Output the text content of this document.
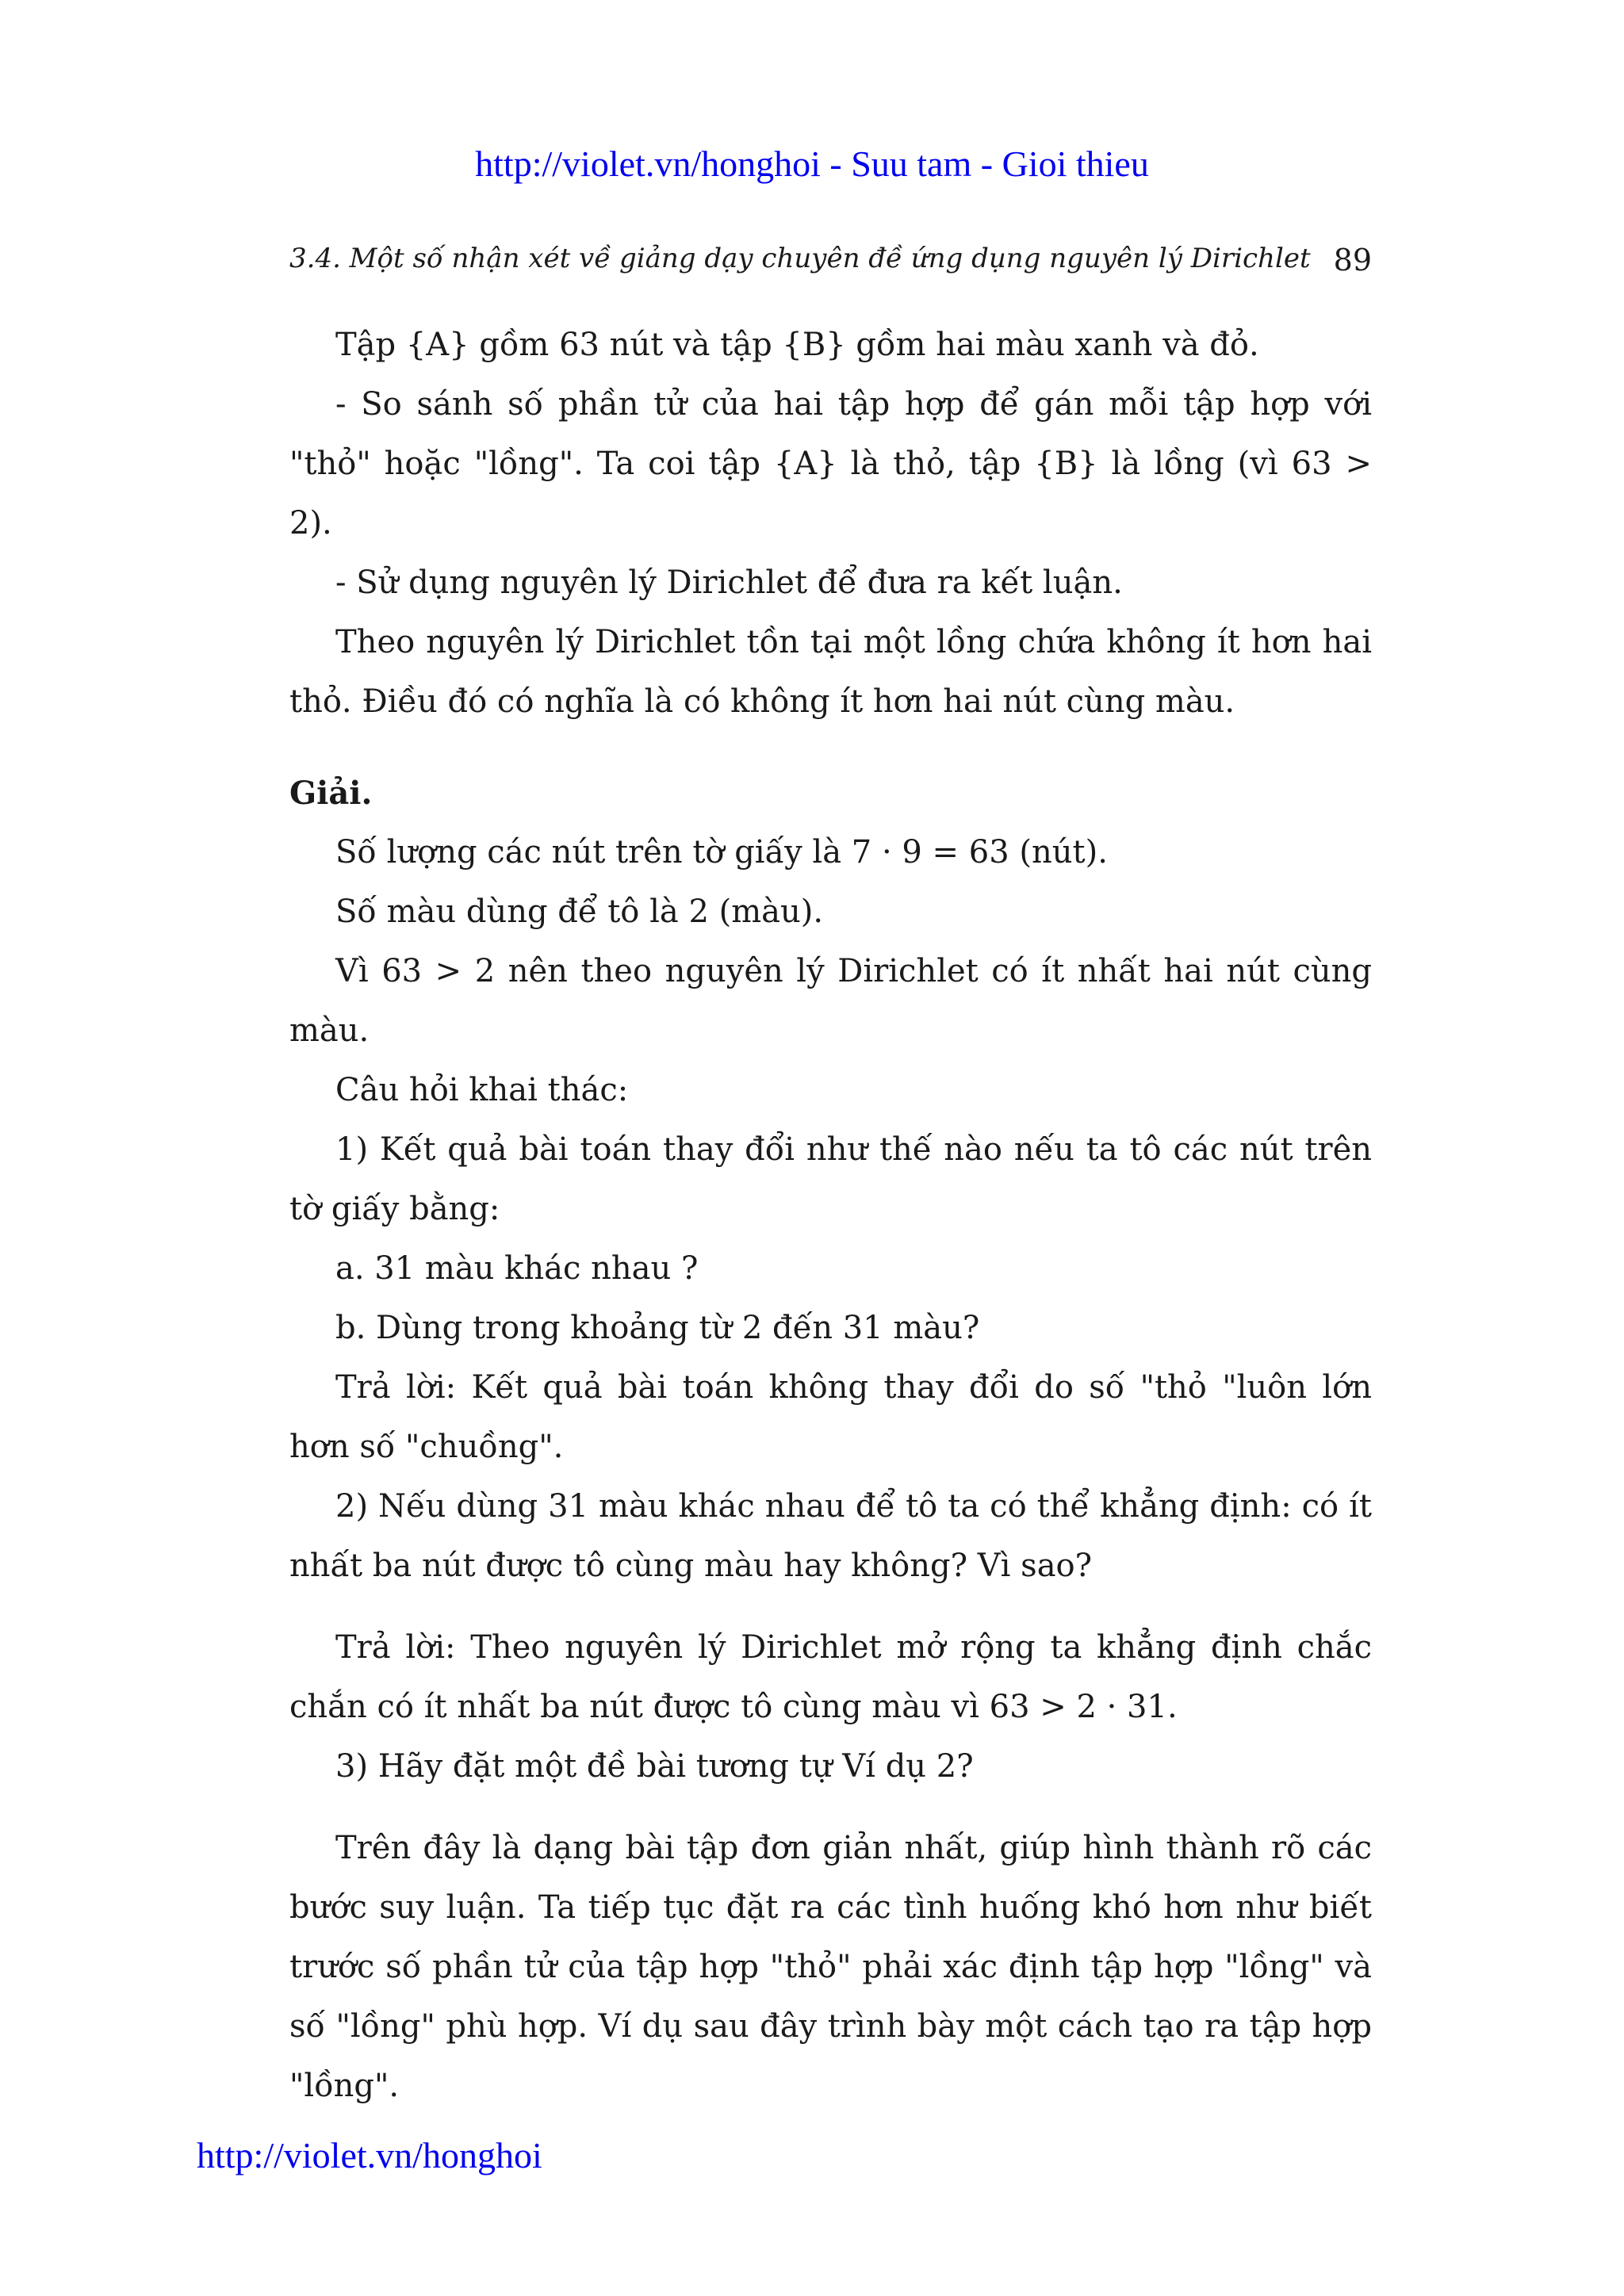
http://violet.vn/honghoi - Suu tam - Gioi thieu
3.4. Một số nhận xét về giảng dạy chuyên đề ứng dụng nguyên lý Dirichlet 89

Tập {A} gồm 63 nút và tập {B} gồm hai màu xanh và đỏ.

- So sánh số phần tử của hai tập hợp để gán mỗi tập hợp với "thỏ" hoặc "lồng". Ta coi tập {A} là thỏ, tập {B} là lồng (vì 63 > 2).

- Sử dụng nguyên lý Dirichlet để đưa ra kết luận.

Theo nguyên lý Dirichlet tồn tại một lồng chứa không ít hơn hai thỏ. Điều đó có nghĩa là có không ít hơn hai nút cùng màu.

Giải.

Số lượng các nút trên tờ giấy là 7 · 9 = 63 (nút).

Số màu dùng để tô là 2 (màu).

Vì 63 > 2 nên theo nguyên lý Dirichlet có ít nhất hai nút cùng màu.

Câu hỏi khai thác:

1) Kết quả bài toán thay đổi như thế nào nếu ta tô các nút trên tờ giấy bằng:

a. 31 màu khác nhau ?

b. Dùng trong khoảng từ 2 đến 31 màu?

Trả lời: Kết quả bài toán không thay đổi do số "thỏ "luôn lớn hơn số "chuồng".

2) Nếu dùng 31 màu khác nhau để tô ta có thể khẳng định: có ít nhất ba nút được tô cùng màu hay không? Vì sao?

Trả lời: Theo nguyên lý Dirichlet mở rộng ta khẳng định chắc chắn có ít nhất ba nút được tô cùng màu vì 63 > 2 · 31.

3) Hãy đặt một đề bài tương tự Ví dụ 2?

Trên đây là dạng bài tập đơn giản nhất, giúp hình thành rõ các bước suy luận. Ta tiếp tục đặt ra các tình huống khó hơn như biết trước số phần tử của tập hợp "thỏ" phải xác định tập hợp "lồng" và số "lồng" phù hợp. Ví dụ sau đây trình bày một cách tạo ra tập hợp "lồng".

http://violet.vn/honghoi
